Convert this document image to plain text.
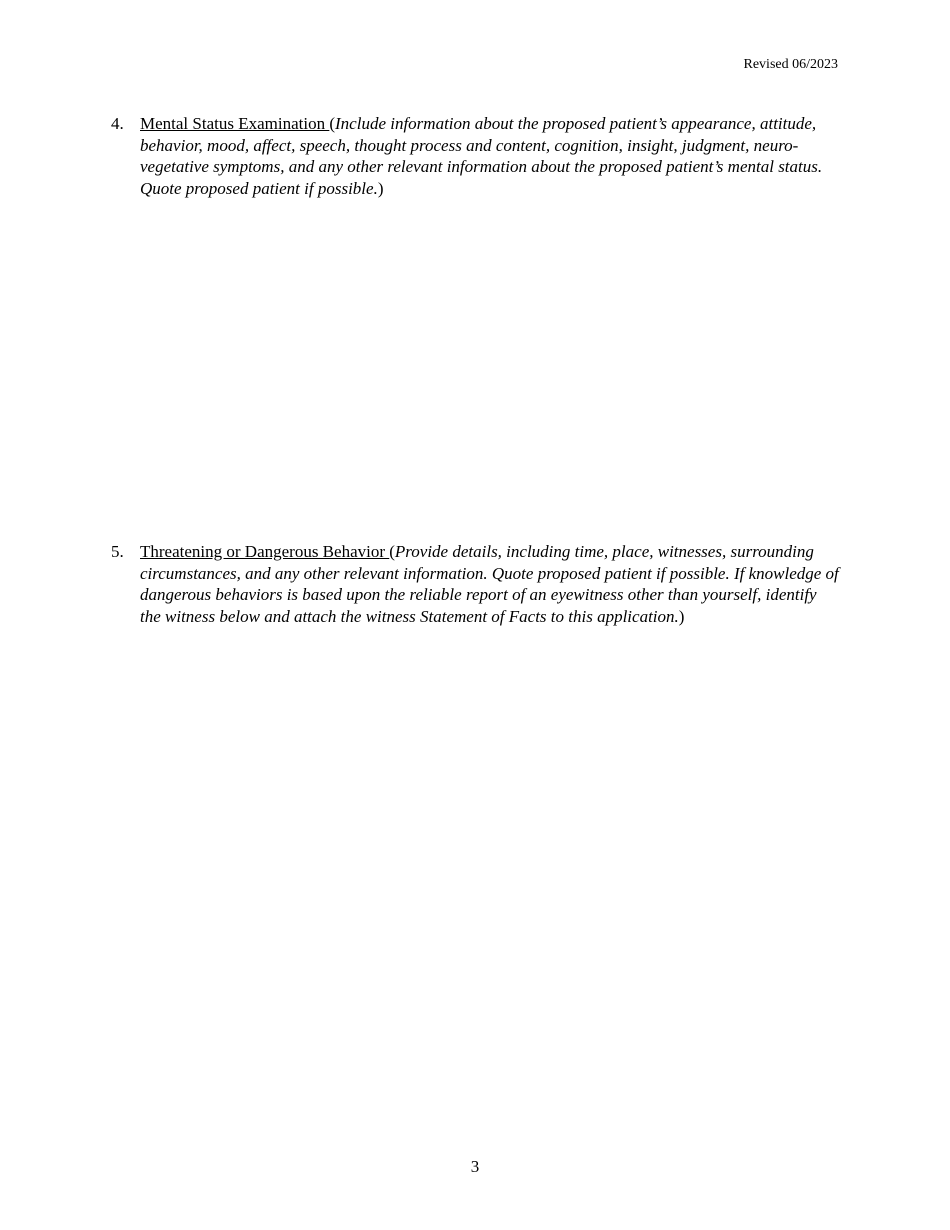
Revised 06/2023
4. Mental Status Examination (Include information about the proposed patient’s appearance, attitude, behavior, mood, affect, speech, thought process and content, cognition, insight, judgment, neuro-vegetative symptoms, and any other relevant information about the proposed patient’s mental status. Quote proposed patient if possible.)
5. Threatening or Dangerous Behavior (Provide details, including time, place, witnesses, surrounding circumstances, and any other relevant information. Quote proposed patient if possible. If knowledge of dangerous behaviors is based upon the reliable report of an eyewitness other than yourself, identify the witness below and attach the witness Statement of Facts to this application.)
3
